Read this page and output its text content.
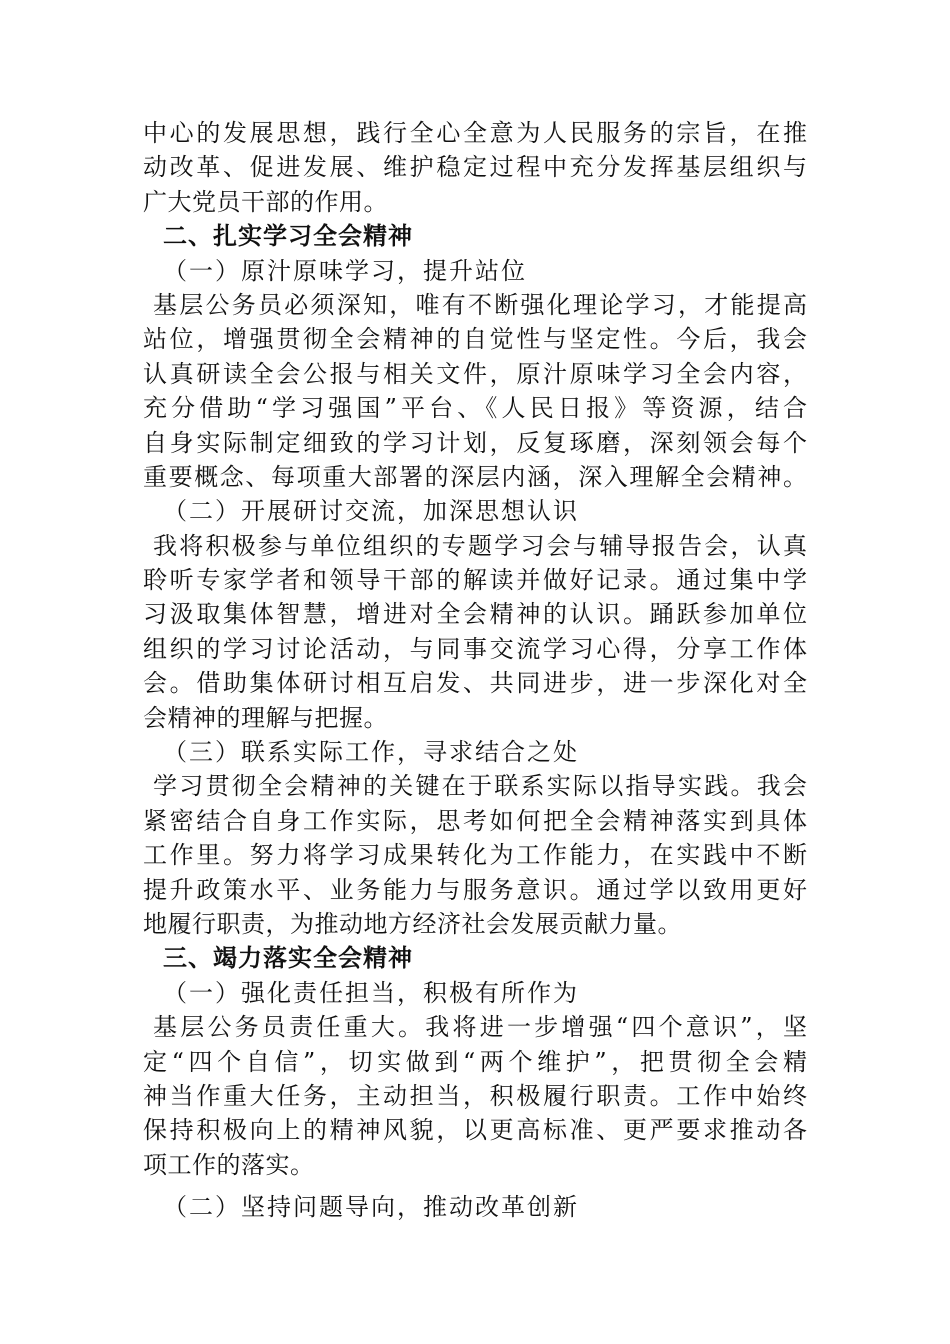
中心的发展思想，践行全心全意为人民服务的宗旨，在推
动改革、促进发展、维护稳定过程中充分发挥基层组织与
广大党员干部的作用。
二、扎实学习全会精神
（一）原汁原味学习，提升站位
基层公务员必须深知，唯有不断强化理论学习，才能提高
站位，增强贯彻全会精神的自觉性与坚定性。今后，我会
认真研读全会公报与相关文件，原汁原味学习全会内容，
充分借助“学习强国”平台、《人民日报》等资源，结合
自身实际制定细致的学习计划，反复琢磨，深刻领会每个
重要概念、每项重大部署的深层内涵，深入理解全会精神。
（二）开展研讨交流，加深思想认识
我将积极参与单位组织的专题学习会与辅导报告会，认真
聆听专家学者和领导干部的解读并做好记录。通过集中学
习汲取集体智慧，增进对全会精神的认识。踊跃参加单位
组织的学习讨论活动，与同事交流学习心得，分享工作体
会。借助集体研讨相互启发、共同进步，进一步深化对全
会精神的理解与把握。
（三）联系实际工作，寻求结合之处
学习贯彻全会精神的关键在于联系实际以指导实践。我会
紧密结合自身工作实际，思考如何把全会精神落实到具体
工作里。努力将学习成果转化为工作能力，在实践中不断
提升政策水平、业务能力与服务意识。通过学以致用更好
地履行职责，为推动地方经济社会发展贡献力量。
三、竭力落实全会精神
（一）强化责任担当，积极有所作为
基层公务员责任重大。我将进一步增强“四个意识”，坚
定“四个自信”，切实做到“两个维护”，把贯彻全会精
神当作重大任务，主动担当，积极履行职责。工作中始终
保持积极向上的精神风貌，以更高标准、更严要求推动各
项工作的落实。
（二）坚持问题导向，推动改革创新
